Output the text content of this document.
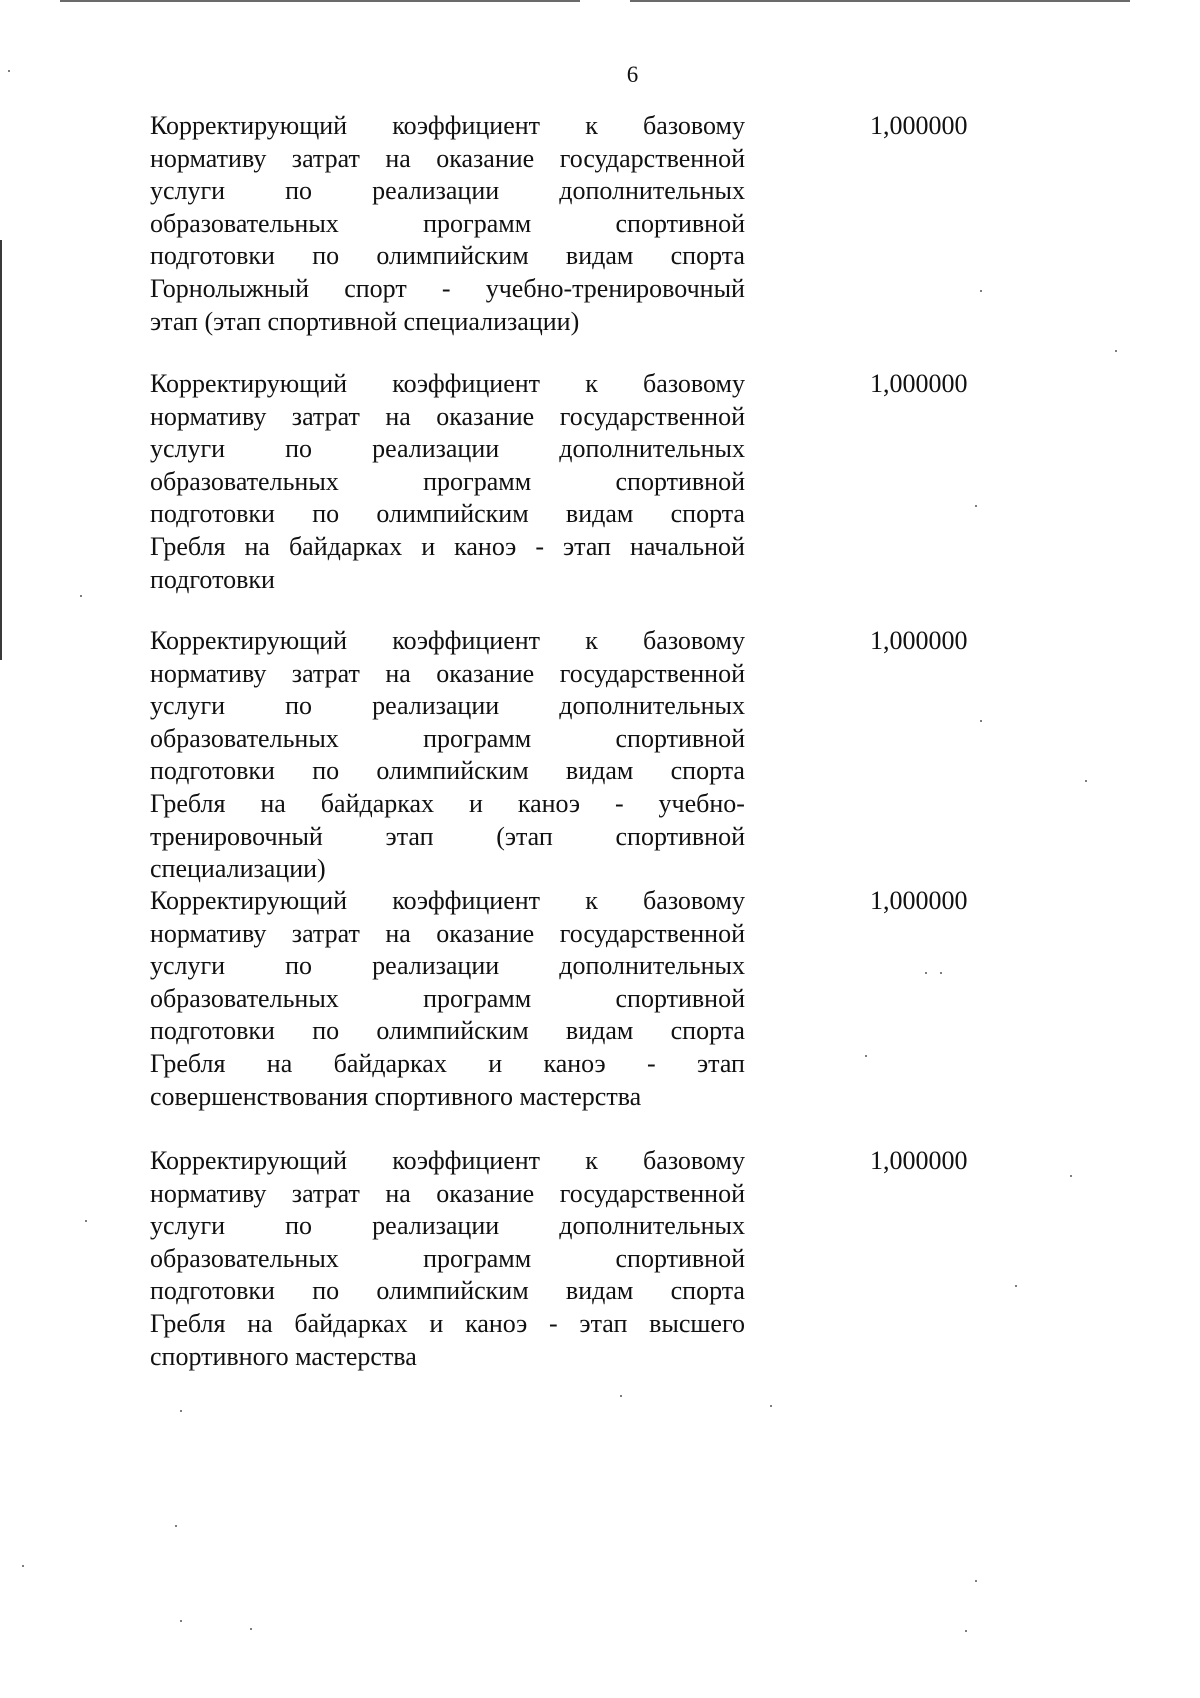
6
Корректирующий коэффициент к базовому
нормативу затрат на оказание государственной
услуги по реализации дополнительных
образовательных	программ	спортивной
подготовки по олимпийским видам спорта
Горнолыжный спорт - учебно-тренировочный
этап (этап спортивной специализации)
1,000000
Корректирующий коэффициент к базовому
нормативу затрат на оказание государственной
услуги по реализации дополнительных
образовательных	программ	спортивной
подготовки по олимпийским видам спорта
Гребля на байдарках и каноэ - этап начальной
подготовки
1,000000
Корректирующий коэффициент к базовому
нормативу затрат на оказание государственной
услуги по реализации дополнительных
образовательных	программ	спортивной
подготовки по олимпийским видам спорта
Гребля на байдарках и каноэ - учебно-
тренировочный этап (этап спортивной
специализации)
1,000000
Корректирующий коэффициент к базовому
нормативу затрат на оказание государственной
услуги по реализации дополнительных
образовательных	программ	спортивной
подготовки по олимпийским видам спорта
Гребля на байдарках и каноэ - этап
совершенствования спортивного мастерства
1,000000
Корректирующий коэффициент к базовому
нормативу затрат на оказание государственной
услуги по реализации дополнительных
образовательных	программ	спортивной
подготовки по олимпийским видам спорта
Гребля на байдарках и каноэ - этап высшего
спортивного мастерства
1,000000
